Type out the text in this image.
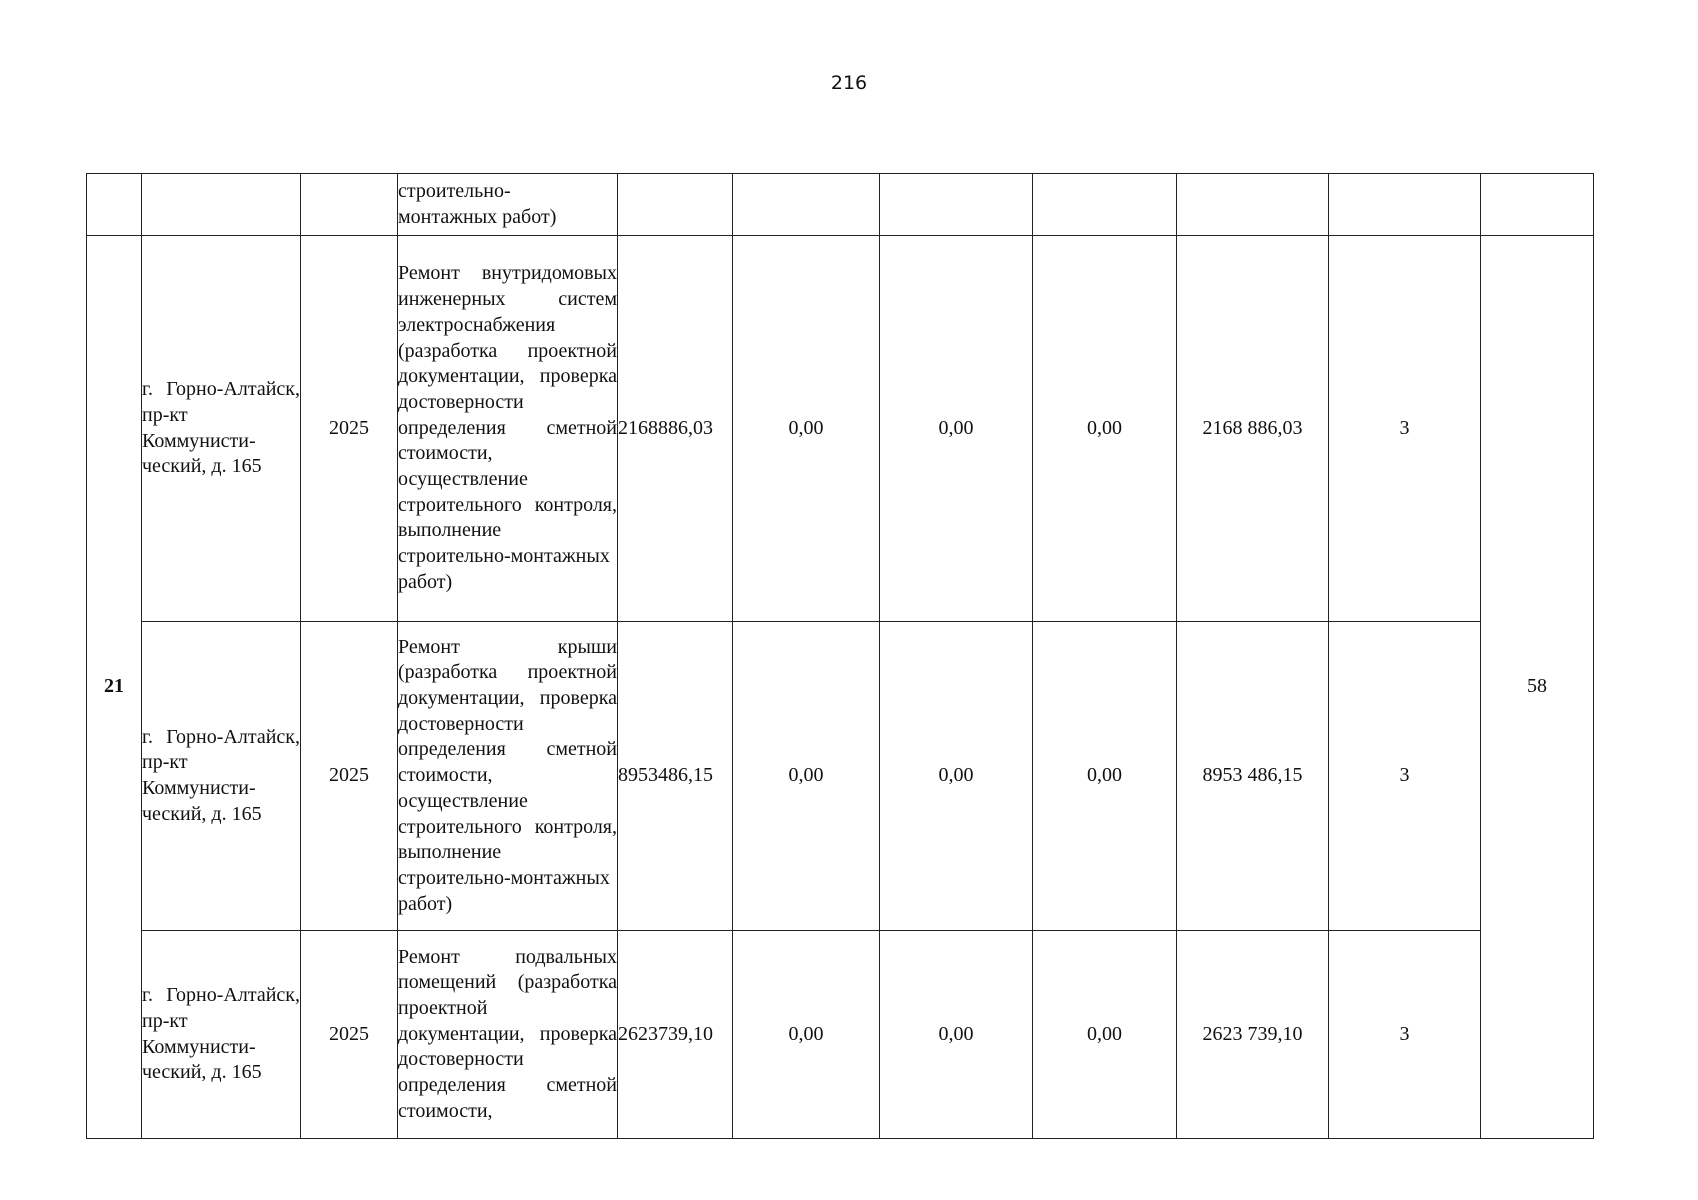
216
			строительно-
монтажных работ)							
21	г. Горно-Алтайск, пр-кт Коммунисти-ческий, д. 165	2025	Ремонт внутридомовых инженерных систем электроснабжения (разработка проектной документации, проверка достоверности определения сметной стоимости, осуществление строительного контроля, выполнение строительно-монтажных работ)	2168886,03	0,00	0,00	0,00	2168 886,03	3	58
	г. Горно-Алтайск, пр-кт Коммунисти-ческий, д. 165	2025	Ремонт крыши (разработка проектной документации, проверка достоверности определения сметной стоимости, осуществление строительного контроля, выполнение строительно-монтажных работ)	8953486,15	0,00	0,00	0,00	8953 486,15	3	
	г. Горно-Алтайск, пр-кт Коммунисти-ческий, д. 165	2025	Ремонт подвальных помещений (разработка проектной документации, проверка достоверности определения сметной стоимости,	2623739,10	0,00	0,00	0,00	2623 739,10	3	
